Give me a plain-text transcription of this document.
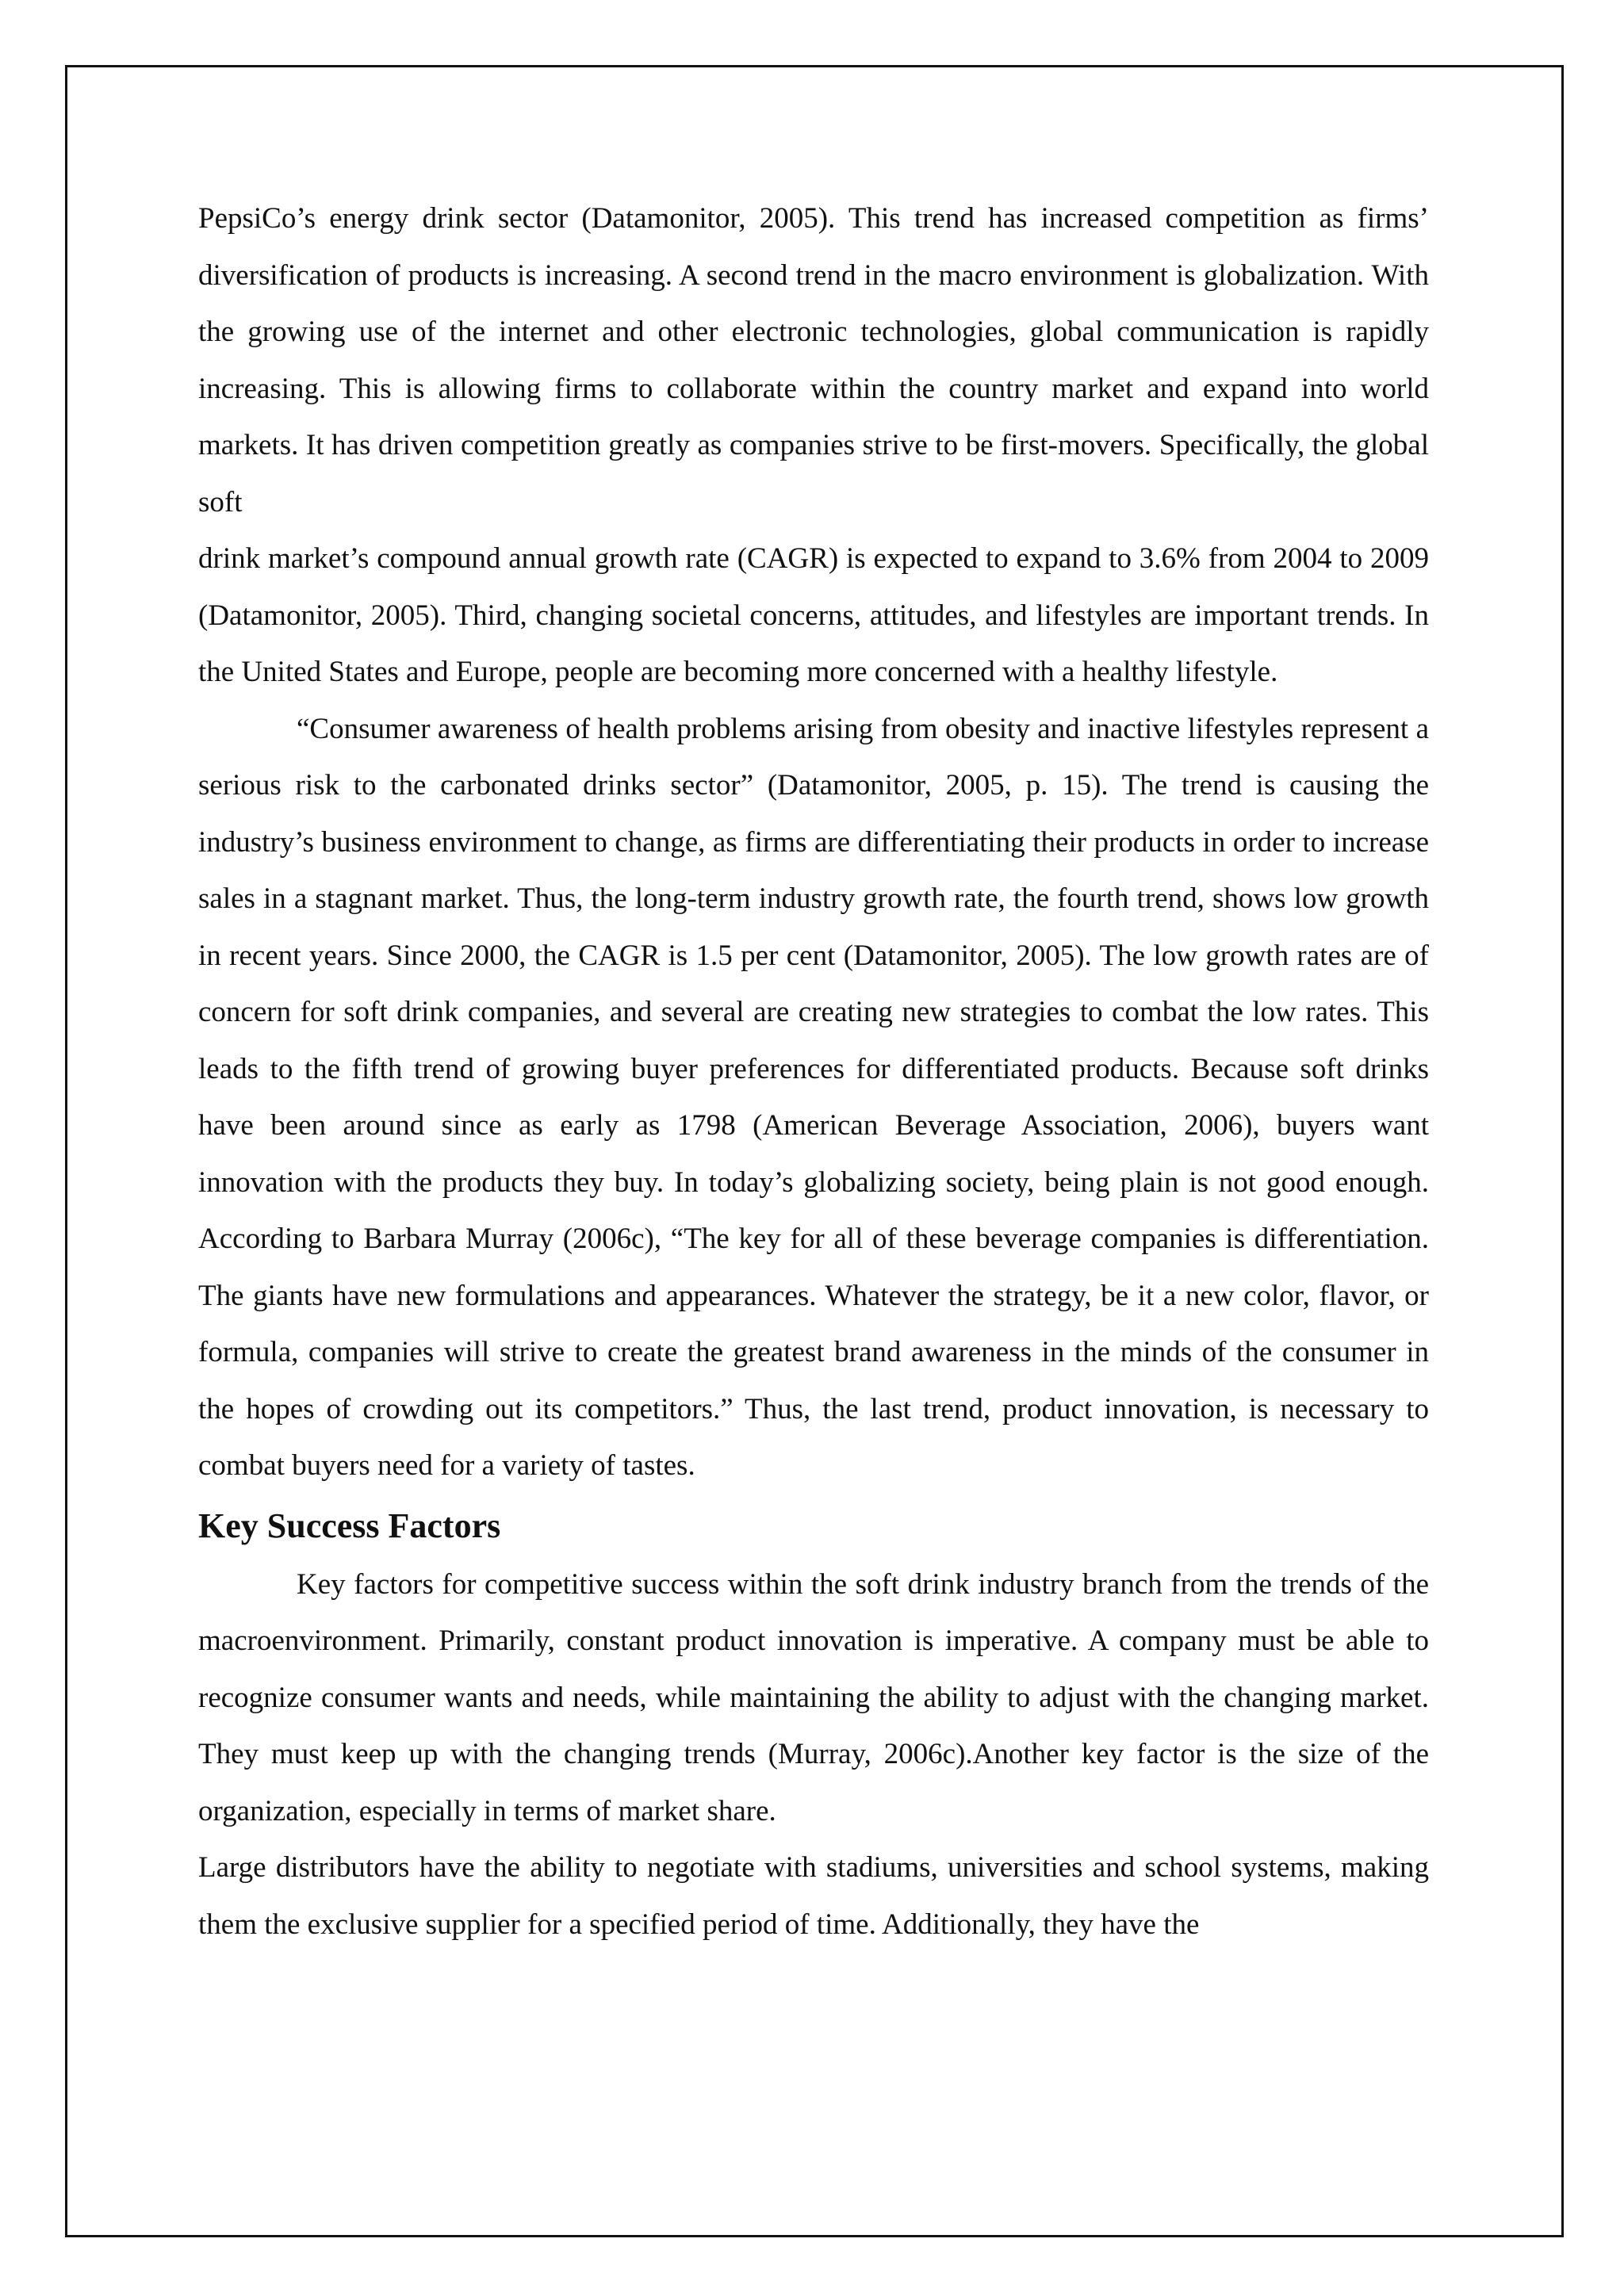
PepsiCo’s energy drink sector (Datamonitor, 2005). This trend has increased competition as firms’ diversification of products is increasing. A second trend in the macro environment is globalization. With the growing use of the internet and other electronic technologies, global communication is rapidly increasing. This is allowing firms to collaborate within the country market and expand into world markets. It has driven competition greatly as companies strive to be first-movers. Specifically, the global soft

drink market’s compound annual growth rate (CAGR) is expected to expand to 3.6% from 2004 to 2009 (Datamonitor, 2005). Third, changing societal concerns, attitudes, and lifestyles are important trends. In the United States and Europe, people are becoming more concerned with a healthy lifestyle.

“Consumer awareness of health problems arising from obesity and inactive lifestyles represent a serious risk to the carbonated drinks sector” (Datamonitor, 2005, p. 15). The trend is causing the industry’s business environment to change, as firms are differentiating their products in order to increase sales in a stagnant market. Thus, the long-term industry growth rate, the fourth trend, shows low growth in recent years. Since 2000, the CAGR is 1.5 per cent (Datamonitor, 2005). The low growth rates are of concern for soft drink companies, and several are creating new strategies to combat the low rates. This leads to the fifth trend of growing buyer preferences for differentiated products. Because soft drinks have been around since as early as 1798 (American Beverage Association, 2006), buyers want innovation with the products they buy. In today’s globalizing society, being plain is not good enough. According to Barbara Murray (2006c), “The key for all of these beverage companies is differentiation. The giants have new formulations and appearances. Whatever the strategy, be it a new color, flavor, or formula, companies will strive to create the greatest brand awareness in the minds of the consumer in the hopes of crowding out its competitors.” Thus, the last trend, product innovation, is necessary to combat buyers need for a variety of tastes.

Key Success Factors

Key factors for competitive success within the soft drink industry branch from the trends of the macroenvironment. Primarily, constant product innovation is imperative. A company must be able to recognize consumer wants and needs, while maintaining the ability to adjust with the changing market. They must keep up with the changing trends (Murray, 2006c).Another key factor is the size of the organization, especially in terms of market share.

Large distributors have the ability to negotiate with stadiums, universities and school systems, making them the exclusive supplier for a specified period of time. Additionally, they have the
